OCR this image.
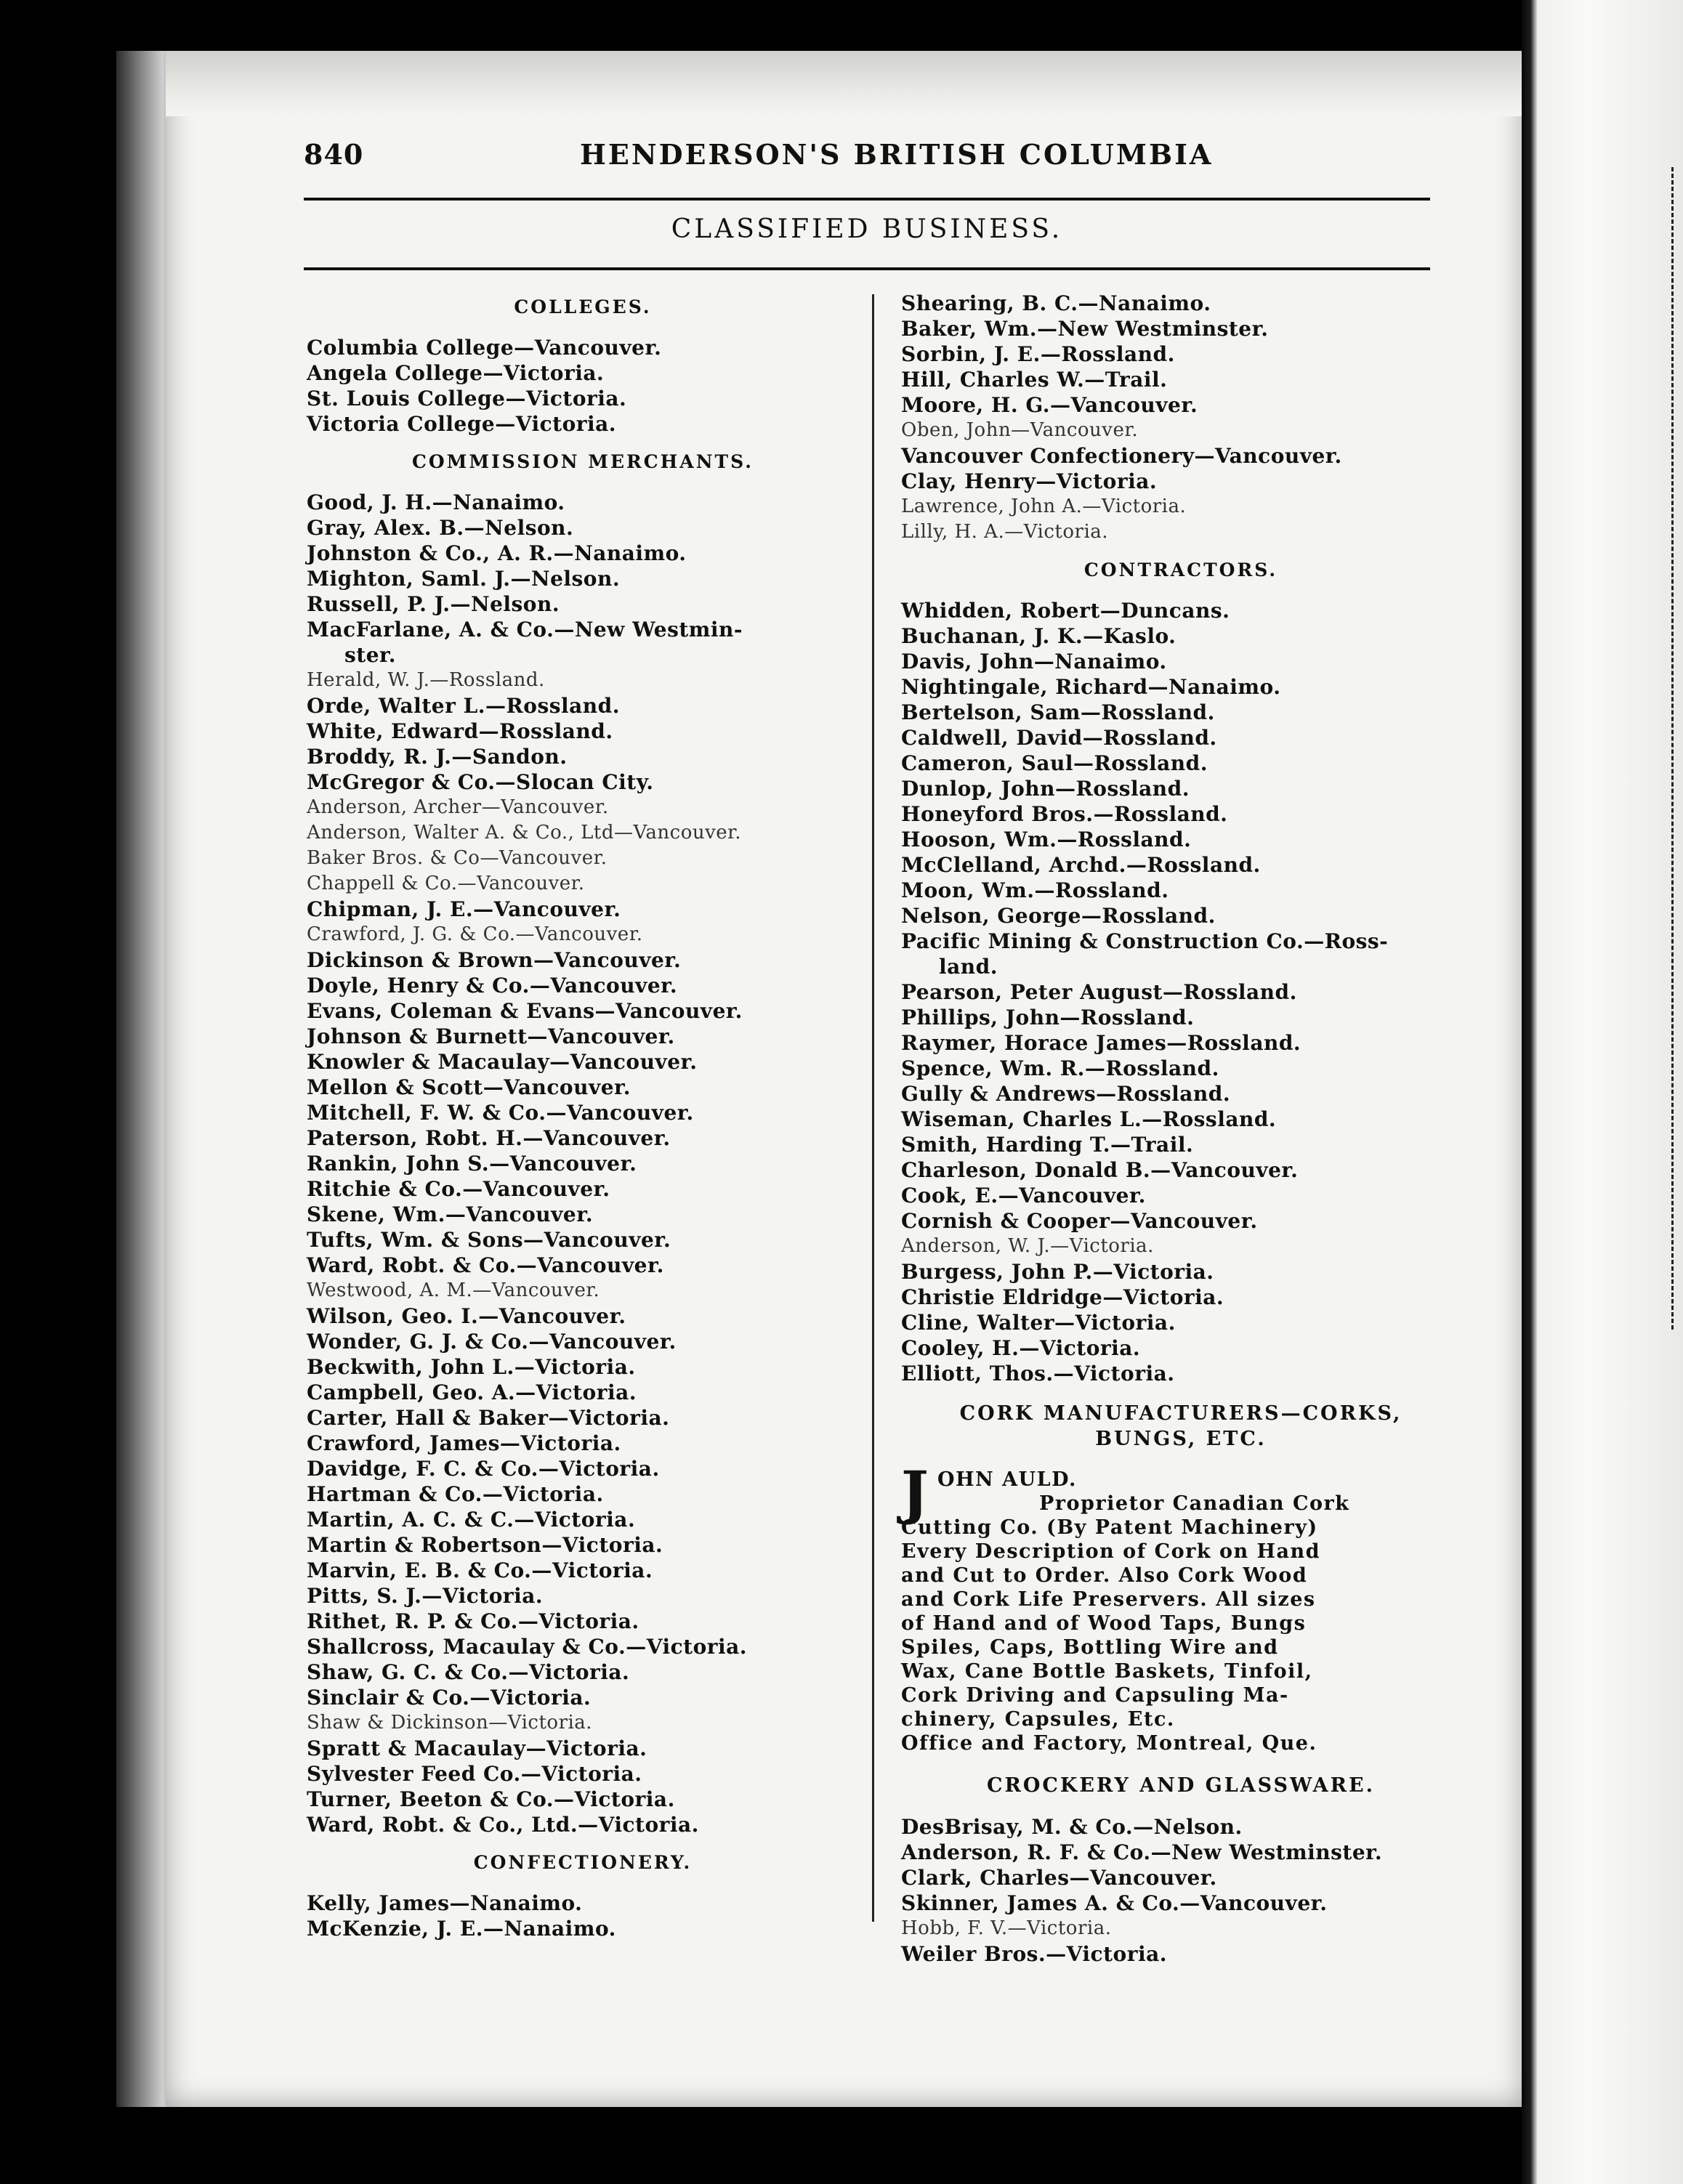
840	HENDERSON'S BRITISH COLUMBIA
CLASSIFIED BUSINESS.
COLLEGES.
Columbia College—Vancouver.
Angela College—Victoria.
St. Louis College—Victoria.
Victoria College—Victoria.
COMMISSION MERCHANTS.
Good, J. H.—Nanaimo.
Gray, Alex. B.—Nelson.
Johnston & Co., A. R.—Nanaimo.
Mighton, Saml. J.—Nelson.
Russell, P. J.—Nelson.
MacFarlane, A. & Co.—New Westmin-
ster.
Herald, W. J.—Rossland.
Orde, Walter L.—Rossland.
White, Edward—Rossland.
Broddy, R. J.—Sandon.
McGregor & Co.—Slocan City.
Anderson, Archer—Vancouver.
Anderson, Walter A. & Co., Ltd—Vancouver.
Baker Bros. & Co—Vancouver.
Chappell & Co.—Vancouver.
Chipman, J. E.—Vancouver.
Crawford, J. G. & Co.—Vancouver.
Dickinson & Brown—Vancouver.
Doyle, Henry & Co.—Vancouver.
Evans, Coleman & Evans—Vancouver.
Johnson & Burnett—Vancouver.
Knowler & Macaulay—Vancouver.
Mellon & Scott—Vancouver.
Mitchell, F. W. & Co.—Vancouver.
Paterson, Robt. H.—Vancouver.
Rankin, John S.—Vancouver.
Ritchie & Co.—Vancouver.
Skene, Wm.—Vancouver.
Tufts, Wm. & Sons—Vancouver.
Ward, Robt. & Co.—Vancouver.
Westwood, A. M.—Vancouver.
Wilson, Geo. I.—Vancouver.
Wonder, G. J. & Co.—Vancouver.
Beckwith, John L.—Victoria.
Campbell, Geo. A.—Victoria.
Carter, Hall & Baker—Victoria.
Crawford, James—Victoria.
Davidge, F. C. & Co.—Victoria.
Hartman & Co.—Victoria.
Martin, A. C. & C.—Victoria.
Martin & Robertson—Victoria.
Marvin, E. B. & Co.—Victoria.
Pitts, S. J.—Victoria.
Rithet, R. P. & Co.—Victoria.
Shallcross, Macaulay & Co.—Victoria.
Shaw, G. C. & Co.—Victoria.
Sinclair & Co.—Victoria.
Shaw & Dickinson—Victoria.
Spratt & Macaulay—Victoria.
Sylvester Feed Co.—Victoria.
Turner, Beeton & Co.—Victoria.
Ward, Robt. & Co., Ltd.—Victoria.
CONFECTIONERY.
Kelly, James—Nanaimo.
McKenzie, J. E.—Nanaimo.
Shearing, B. C.—Nanaimo.
Baker, Wm.—New Westminster.
Sorbin, J. E.—Rossland.
Hill, Charles W.—Trail.
Moore, H. G.—Vancouver.
Oben, John—Vancouver.
Vancouver Confectionery—Vancouver.
Clay, Henry—Victoria.
Lawrence, John A.—Victoria.
Lilly, H. A.—Victoria.
CONTRACTORS.
Whidden, Robert—Duncans.
Buchanan, J. K.—Kaslo.
Davis, John—Nanaimo.
Nightingale, Richard—Nanaimo.
Bertelson, Sam—Rossland.
Caldwell, David—Rossland.
Cameron, Saul—Rossland.
Dunlop, John—Rossland.
Honeyford Bros.—Rossland.
Hooson, Wm.—Rossland.
McClelland, Archd.—Rossland.
Moon, Wm.—Rossland.
Nelson, George—Rossland.
Pacific Mining & Construction Co.—Ross-
land.
Pearson, Peter August—Rossland.
Phillips, John—Rossland.
Raymer, Horace James—Rossland.
Spence, Wm. R.—Rossland.
Gully & Andrews—Rossland.
Wiseman, Charles L.—Rossland.
Smith, Harding T.—Trail.
Charleson, Donald B.—Vancouver.
Cook, E.—Vancouver.
Cornish & Cooper—Vancouver.
Anderson, W. J.—Victoria.
Burgess, John P.—Victoria.
Christie Eldridge—Victoria.
Cline, Walter—Victoria.
Cooley, H.—Victoria.
Elliott, Thos.—Victoria.
CORK MANUFACTURERS—CORKS,
BUNGS, ETC.
J OHN AULD.
Proprietor Canadian Cork
Cutting Co. (By Patent Machinery)
Every Description of Cork on Hand
and Cut to Order. Also Cork Wood
and Cork Life Preservers. All sizes
of Hand and of Wood Taps, Bungs
Spiles, Caps, Bottling Wire and
Wax, Cane Bottle Baskets, Tinfoil,
Cork Driving and Capsuling Ma-
chinery, Capsules, Etc.
Office and Factory, Montreal, Que.
CROCKERY AND GLASSWARE.
DesBrisay, M. & Co.—Nelson.
Anderson, R. F. & Co.—New Westminster.
Clark, Charles—Vancouver.
Skinner, James A. & Co.—Vancouver.
Hobb, F. V.—Victoria.
Weiler Bros.—Victoria.
